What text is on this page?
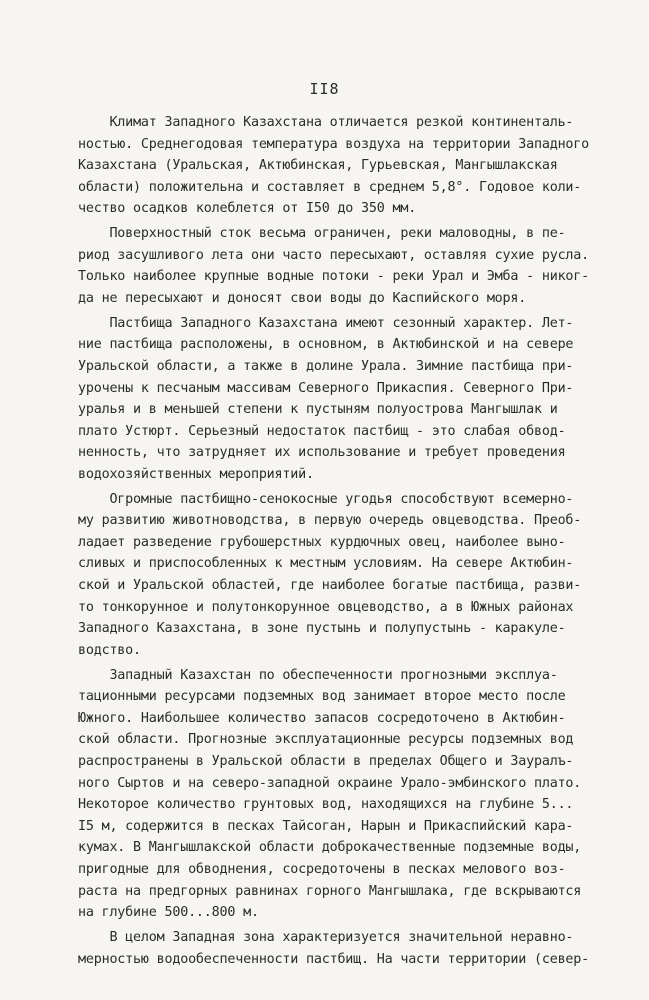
II8
Климат Западного Казахстана отличается резкой континенталь-
ностью. Среднегодовая температура воздуха на территории Западного
Казахстана (Уральская, Актюбинская, Гурьевская, Мангышлакская
области) положительна и составляет в среднем 5,8°. Годовое коли-
чество осадков колеблется от I50 до 350 мм.
Поверхностный сток весьма ограничен, реки маловодны, в пе-
риод засушливого лета они часто пересыхают, оставляя сухие русла.
Только наиболее крупные водные потоки - реки Урал и Эмба - никог-
да не пересыхают и доносят свои воды до Каспийского моря.
Пастбища Западного Казахстана имеют сезонный характер. Лет-
ние пастбища расположены, в основном, в Актюбинской и на севере
Уральской области, а также в долине Урала. Зимние пастбища при-
урочены к песчаным массивам Северного Прикаспия. Северного При-
уралья и в меньшей степени к пустыням полуострова Мангышлак и
плато Устюрт. Серьезный недостаток пастбищ - это слабая обвод-
ненность, что затрудняет их использование и требует проведения
водохозяйственных мероприятий.
Огромные пастбищно-сенокосные угодья способствуют всемерно-
му развитию животноводства, в первую очередь овцеводства. Преоб-
ладает разведение грубошерстных курдючных овец, наиболее выно-
сливых и приспособленных к местным условиям. На севере Актюбин-
ской и Уральской областей, где наиболее богатые пастбища, разви-
то тонкорунное и полутонкорунное овцеводство, а в Южных районах
Западного Казахстана, в зоне пустынь и полупустынь - каракуле-
водство.
Западный Казахстан по обеспеченности прогнозными эксплуа-
тационными ресурсами подземных вод занимает второе место после
Южного. Наибольшее количество запасов сосредоточено в Актюбин-
ской области. Прогнозные эксплуатационные ресурсы подземных вод
распространены в Уральской области в пределах Общего и Зауралъ-
ного Сыртов и на северо-западной окраине Урало-эмбинского плато.
Некоторое количество грунтовых вод, находящихся на глубине 5...
I5 м, содержится в песках Тайсоган, Нарын и Прикаспийский кара-
кумах. В Мангышлакской области доброкачественные подземные воды,
пригодные для обводнения, сосредоточены в песках мелового воз-
раста на предгорных равнинах горного Мангышлака, где вскрываются
на глубине 500...800 м.
В целом Западная зона характеризуется значительной неравно-
мерностью водообеспеченности пастбищ. На части территории (север-
